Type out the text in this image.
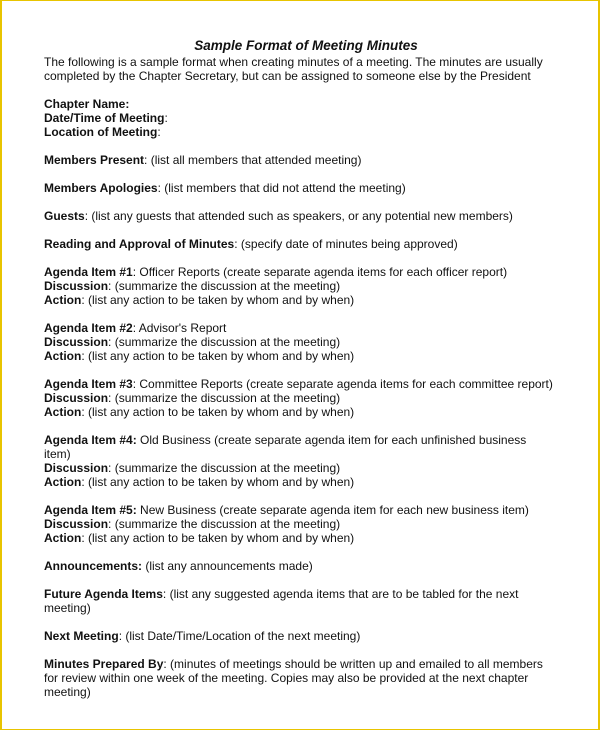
Sample Format of Meeting Minutes
The following is a sample format when creating minutes of a meeting. The minutes are usually
completed by the Chapter Secretary, but can be assigned to someone else by the President
Chapter Name:
Date/Time of Meeting:
Location of Meeting:
Members Present: (list all members that attended meeting)
Members Apologies: (list members that did not attend the meeting)
Guests: (list any guests that attended such as speakers, or any potential new members)
Reading and Approval of Minutes: (specify date of minutes being approved)
Agenda Item #1: Officer Reports (create separate agenda items for each officer report)
Discussion: (summarize the discussion at the meeting)
Action: (list any action to be taken by whom and by when)
Agenda Item #2: Advisor's Report
Discussion: (summarize the discussion at the meeting)
Action: (list any action to be taken by whom and by when)
Agenda Item #3: Committee Reports (create separate agenda items for each committee report)
Discussion: (summarize the discussion at the meeting)
Action: (list any action to be taken by whom and by when)
Agenda Item #4: Old Business (create separate agenda item for each unfinished business item)
Discussion: (summarize the discussion at the meeting)
Action: (list any action to be taken by whom and by when)
Agenda Item #5: New Business (create separate agenda item for each new business item)
Discussion: (summarize the discussion at the meeting)
Action: (list any action to be taken by whom and by when)
Announcements: (list any announcements made)
Future Agenda Items: (list any suggested agenda items that are to be tabled for the next meeting)
Next Meeting: (list Date/Time/Location of the next meeting)
Minutes Prepared By: (minutes of meetings should be written up and emailed to all members for review within one week of the meeting. Copies may also be provided at the next chapter meeting)
